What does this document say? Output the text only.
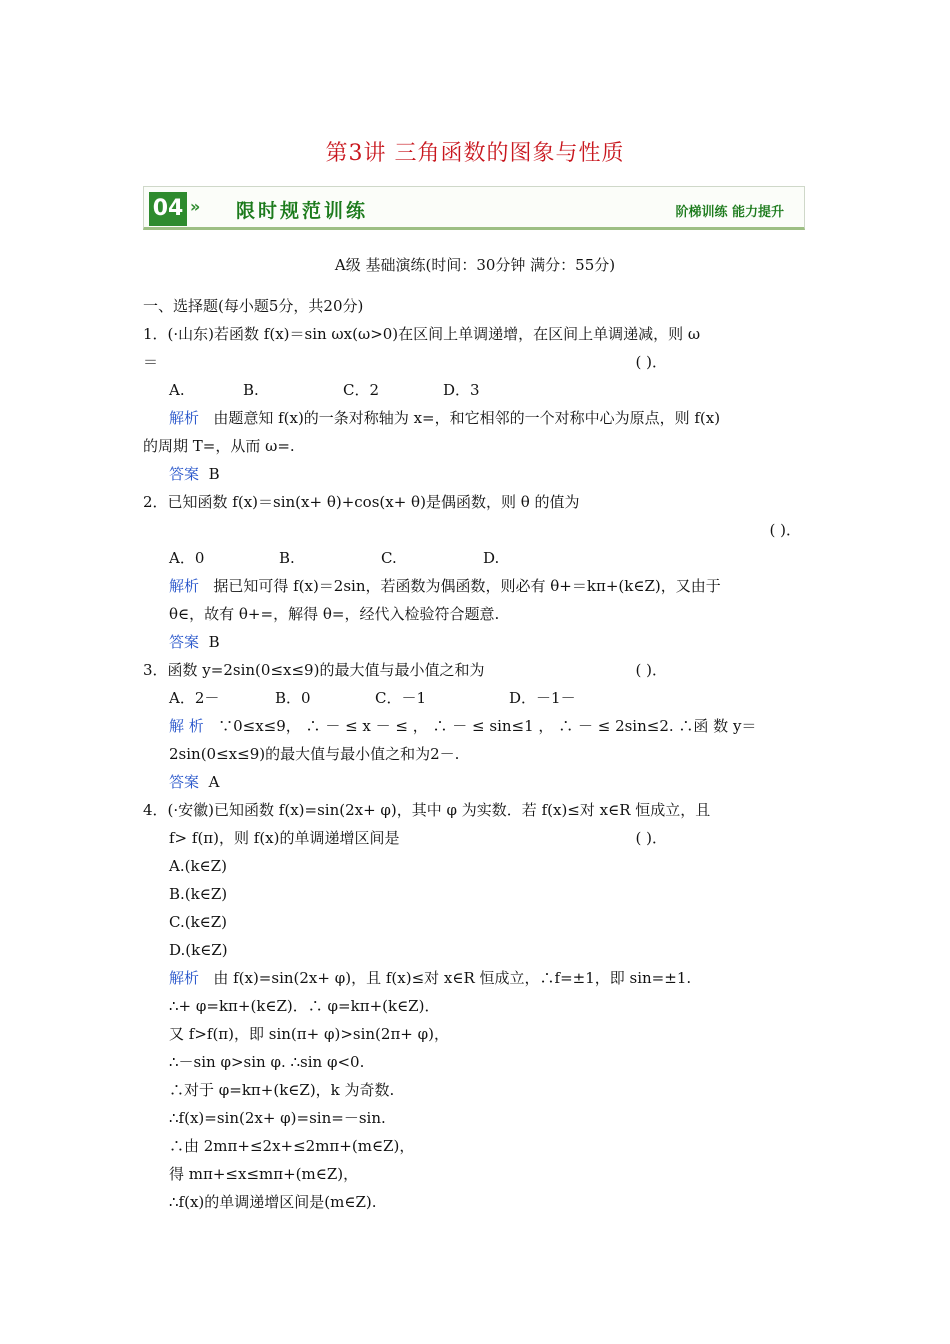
第3讲 三角函数的图象与性质
04 » 限时规范训练	阶梯训练 能力提升
A级 基础演练(时间：30分钟 满分：55分)
一、选择题(每小题5分，共20分)
1．(·山东)若函数 f(x)＝sin ωx(ω>0)在区间上单调递增，在区间上单调递减，则 ω
＝	( )．
A.	B.	C．2	D．3
解析 由题意知 f(x)的一条对称轴为 x=，和它相邻的一个对称中心为原点，则 f(x)
的周期 T=，从而 ω=.
答案 B
2．已知函数 f(x)＝sin(x+ θ)+cos(x+ θ)是偶函数，则 θ 的值为
( )．
A．0	B.	C.	D.
解析 据已知可得 f(x)＝2sin，若函数为偶函数，则必有 θ+＝kπ+(k∈Z)，又由于
θ∈，故有 θ+=，解得 θ=，经代入检验符合题意.
答案 B
3．函数 y=2sin(0≤x≤9)的最大值与最小值之和为	( )．
A．2－	B．0	C．－1	D．－1－
解 析 ∵0≤x≤9， ∴ － ≤ x － ≤ ， ∴ － ≤ sin≤1 ， ∴ － ≤ 2sin≤2. ∴函 数 y＝
2sin(0≤x≤9)的最大值与最小值之和为2－.
答案 A
4．(·安徽)已知函数 f(x)=sin(2x+ φ)，其中 φ 为实数．若 f(x)≤对 x∈R 恒成立，且
f> f(π)，则 f(x)的单调递增区间是	( )．
A.(k∈Z)
B.(k∈Z)
C.(k∈Z)
D.(k∈Z)
解析 由 f(x)=sin(2x+ φ)，且 f(x)≤对 x∈R 恒成立，∴f=±1，即 sin=±1.
∴+ φ=kπ+(k∈Z)．∴ φ=kπ+(k∈Z)．
又 f>f(π)，即 sin(π+ φ)>sin(2π+ φ)，
∴－sin φ>sin φ. ∴sin φ<0.
∴对于 φ=kπ+(k∈Z)，k 为奇数.
∴f(x)=sin(2x+ φ)=sin=－sin.
∴由 2mπ+≤2x+≤2mπ+(m∈Z)，
得 mπ+≤x≤mπ+(m∈Z)，
∴f(x)的单调递增区间是(m∈Z).
